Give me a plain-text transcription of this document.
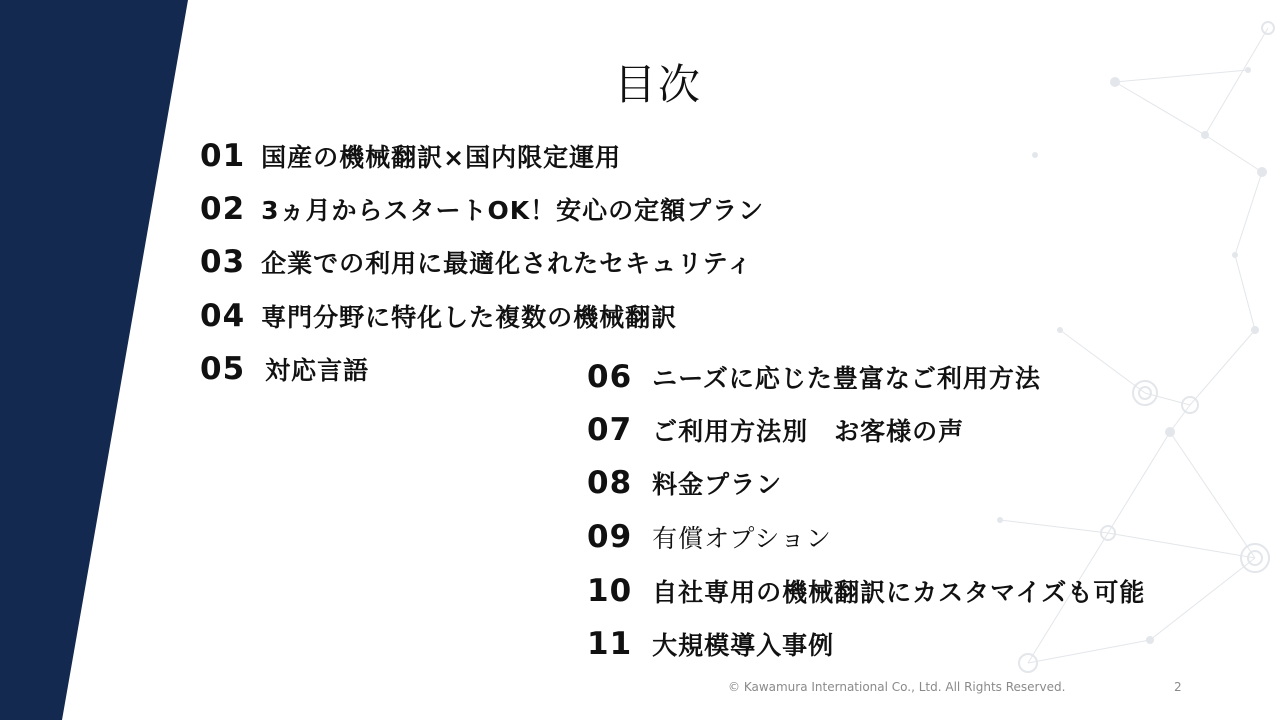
目次
01 国産の機械翻訳×国内限定運用
02 3ヵ月からスタートOK！安心の定額プラン
03 企業での利用に最適化されたセキュリティ
04 専門分野に特化した複数の機械翻訳
05 対応言語	06 ニーズに応じた豊富なご利用方法
07 ご利用方法別　お客様の声
08 料金プラン
09 有償オプション
10 自社専用の機械翻訳にカスタマイズも可能
11 大規模導入事例
© Kawamura International Co., Ltd. All Rights Reserved.	2
